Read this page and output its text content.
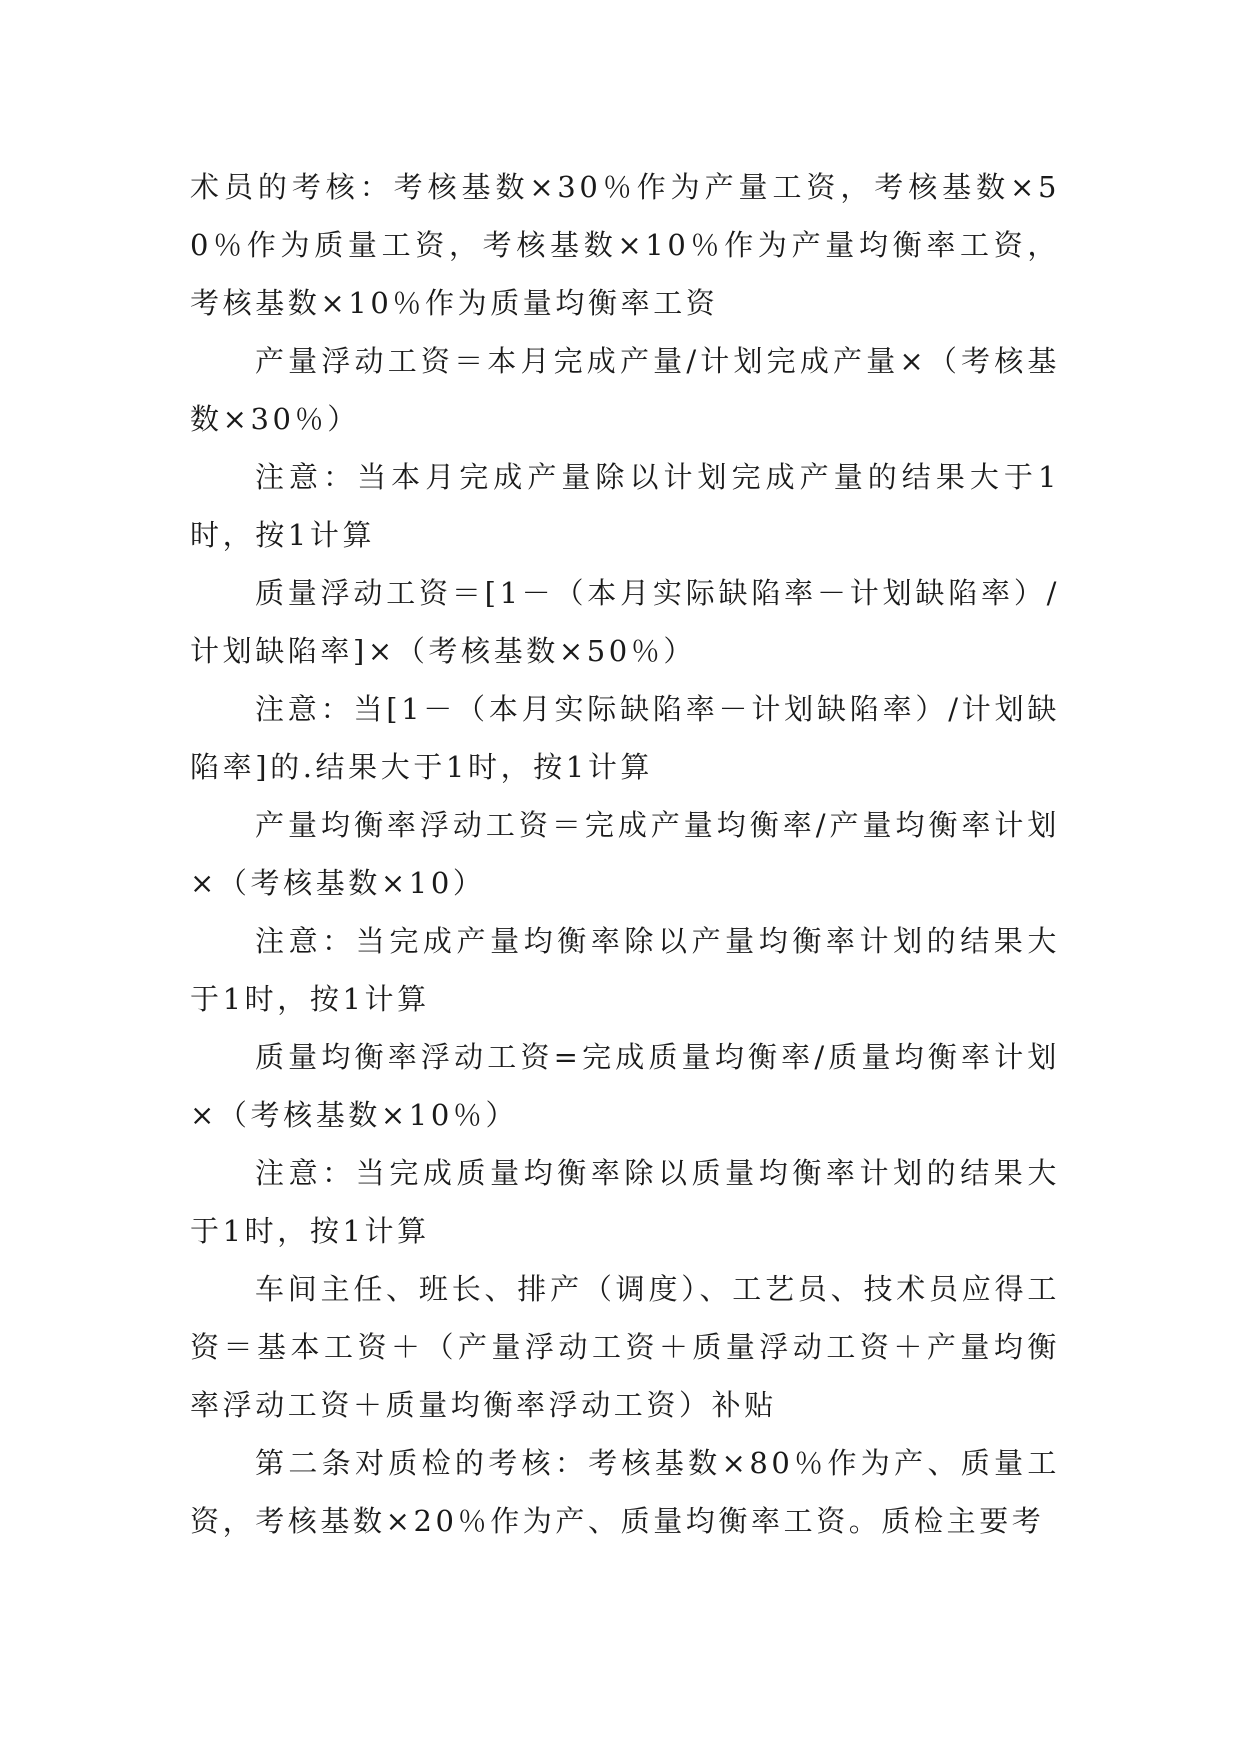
术员的考核：考核基数×30％作为产量工资，考核基数×50％作为质量工资，考核基数×10％作为产量均衡率工资，考核基数×10％作为质量均衡率工资

产量浮动工资＝本月完成产量/计划完成产量×（考核基数×30％）

注意：当本月完成产量除以计划完成产量的结果大于1时，按1计算

质量浮动工资＝[1－（本月实际缺陷率－计划缺陷率）/计划缺陷率]×（考核基数×50％）

注意：当[1－（本月实际缺陷率－计划缺陷率）/计划缺陷率]的.结果大于1时，按1计算

产量均衡率浮动工资＝完成产量均衡率/产量均衡率计划×（考核基数×10）

注意：当完成产量均衡率除以产量均衡率计划的结果大于1时，按1计算

质量均衡率浮动工资=完成质量均衡率/质量均衡率计划×（考核基数×10％）

注意：当完成质量均衡率除以质量均衡率计划的结果大于1时，按1计算

车间主任、班长、排产（调度）、工艺员、技术员应得工资＝基本工资＋（产量浮动工资＋质量浮动工资＋产量均衡率浮动工资＋质量均衡率浮动工资）补贴

第二条对质检的考核：考核基数×80％作为产、质量工资，考核基数×20％作为产、质量均衡率工资。质检主要考
